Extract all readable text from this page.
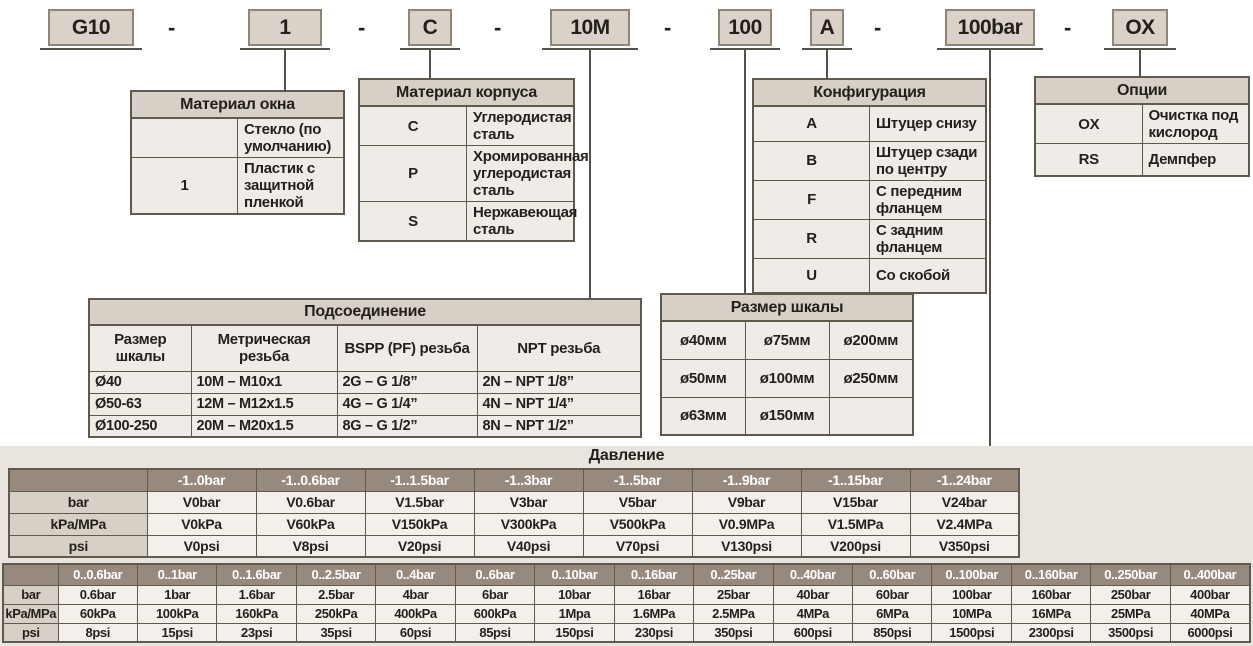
G10	-	1	-	C	-	10M	-	100	A	-	100bar	-	OX
Материал окна	
	Стекло (по умолчанию)
1	Пластик с защитной пленкой
Материал корпуса	
C	Углеродистая сталь
P	Хромированная углеродистая сталь
S	Нержавеющая сталь
Конфигурация	
A	Штуцер снизу
B	Штуцер сзади по центру
F	С передним фланцем
R	С задним фланцем
U	Со скобой
Опции	
OX	Очистка под кислород
RS	Демпфер
Подсоединение			
Размер шкалы	Метрическая резьба	BSPP (PF) резьба	NPT резьба
Ø40	10M – M10x1	2G – G 1/8”	2N – NPT 1/8”
Ø50-63	12M – M12x1.5	4G – G 1/4”	4N – NPT 1/4”
Ø100-250	20M – M20x1.5	8G – G 1/2”	8N – NPT 1/2”
Размер шкалы		
ø40мм	ø75мм	ø200мм
ø50мм	ø100мм	ø250мм
ø63мм	ø150мм	
Давление
	-1..0bar	-1..0.6bar	-1..1.5bar	-1..3bar	-1..5bar	-1..9bar	-1..15bar	-1..24bar
bar	V0bar	V0.6bar	V1.5bar	V3bar	V5bar	V9bar	V15bar	V24bar
kPa/MPa	V0kPa	V60kPa	V150kPa	V300kPa	V500kPa	V0.9MPa	V1.5MPa	V2.4MPa
psi	V0psi	V8psi	V20psi	V40psi	V70psi	V130psi	V200psi	V350psi
	0..0.6bar	0..1bar	0..1.6bar	0..2.5bar	0..4bar	0..6bar	0..10bar	0..16bar	0..25bar	0..40bar	0..60bar	0..100bar	0..160bar	0..250bar	0..400bar
bar	0.6bar	1bar	1.6bar	2.5bar	4bar	6bar	10bar	16bar	25bar	40bar	60bar	100bar	160bar	250bar	400bar
kPa/MPa	60kPa	100kPa	160kPa	250kPa	400kPa	600kPa	1Mpa	1.6MPa	2.5MPa	4MPa	6MPa	10MPa	16MPa	25MPa	40MPa
psi	8psi	15psi	23psi	35psi	60psi	85psi	150psi	230psi	350psi	600psi	850psi	1500psi	2300psi	3500psi	6000psi
